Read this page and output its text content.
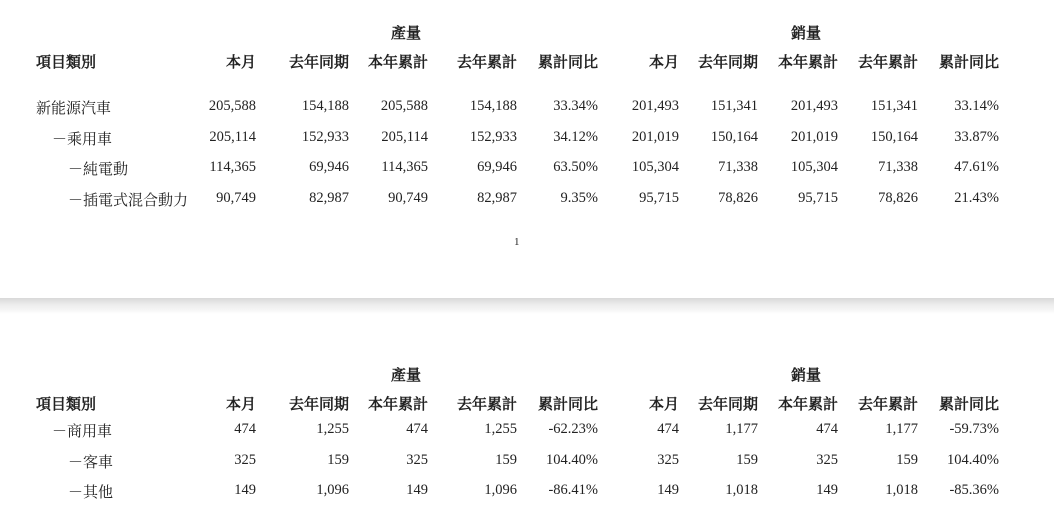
產量	銷量
項目類別	本月	去年同期	本年累計	去年累計	累計同比	本月	去年同期	本年累計	去年累計	累計同比
新能源汽車	205,588	154,188	205,588	154,188	33.34%	201,493	151,341	201,493	151,341	33.14%
－乘用車	205,114	152,933	205,114	152,933	34.12%	201,019	150,164	201,019	150,164	33.87%
－純電動	114,365	69,946	114,365	69,946	63.50%	105,304	71,338	105,304	71,338	47.61%
－插電式混合動力	90,749	82,987	90,749	82,987	9.35%	95,715	78,826	95,715	78,826	21.43%
1
產量	銷量
項目類別	本月	去年同期	本年累計	去年累計	累計同比	本月	去年同期	本年累計	去年累計	累計同比
－商用車	474	1,255	474	1,255	-62.23%	474	1,177	474	1,177	-59.73%
－客車	325	159	325	159	104.40%	325	159	325	159	104.40%
－其他	149	1,096	149	1,096	-86.41%	149	1,018	149	1,018	-85.36%
